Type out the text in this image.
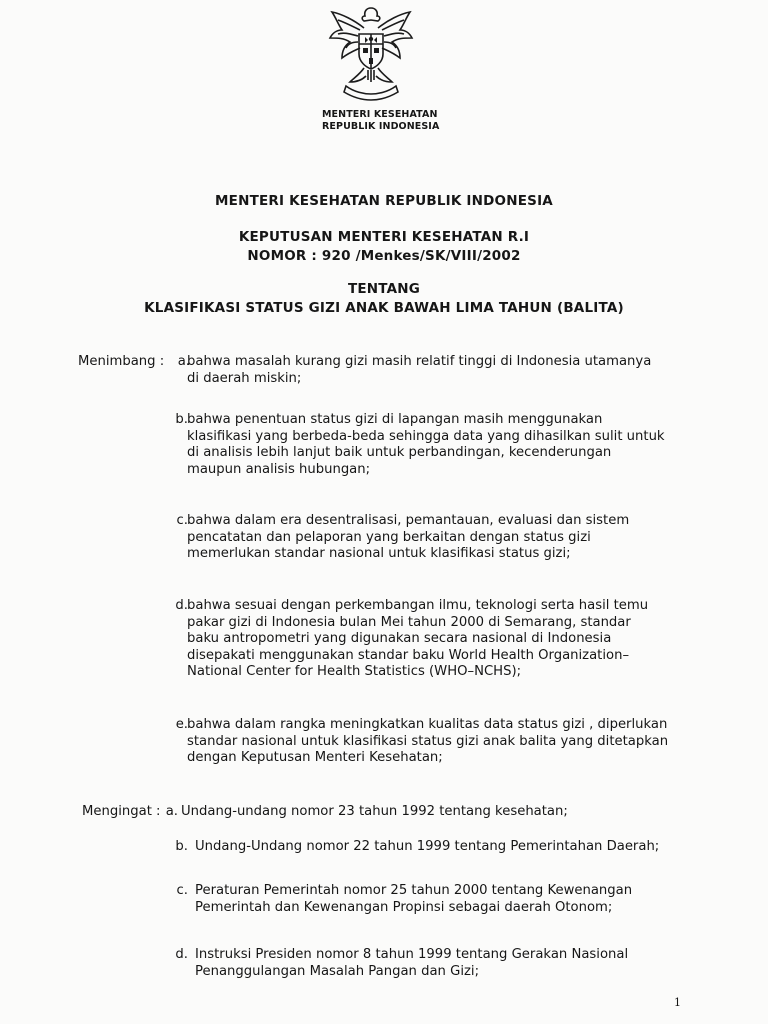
MENTERI KESEHATAN
REPUBLIK INDONESIA
MENTERI KESEHATAN REPUBLIK INDONESIA
KEPUTUSAN MENTERI KESEHATAN R.I
NOMOR : 920 /Menkes/SK/VIII/2002
TENTANG
KLASIFIKASI STATUS GIZI ANAK BAWAH LIMA TAHUN (BALITA)
Menimbang :	a.
bahwa masalah kurang gizi masih relatif tinggi di Indonesia utamanya
di daerah miskin;
b. bahwa penentuan status gizi di lapangan masih menggunakan
klasifikasi yang berbeda-beda sehingga data yang dihasilkan sulit untuk
di analisis lebih lanjut baik untuk perbandingan, kecenderungan
maupun analisis hubungan;
c. bahwa dalam era desentralisasi, pemantauan, evaluasi dan sistem
pencatatan dan pelaporan yang berkaitan dengan status gizi
memerlukan standar nasional untuk klasifikasi status gizi;
d. bahwa sesuai dengan perkembangan ilmu, teknologi serta hasil temu
pakar gizi di Indonesia bulan Mei tahun 2000 di Semarang, standar
baku antropometri yang digunakan secara nasional di Indonesia
disepakati menggunakan standar baku World Health Organization–
National Center for Health Statistics (WHO–NCHS);
e. bahwa dalam rangka meningkatkan kualitas data status gizi , diperlukan
standar nasional untuk klasifikasi status gizi anak balita yang ditetapkan
dengan Keputusan Menteri Kesehatan;
Mengingat : a. Undang-undang nomor 23 tahun 1992 tentang kesehatan;
b. Undang-Undang nomor 22 tahun 1999 tentang Pemerintahan Daerah;
c. Peraturan Pemerintah nomor 25 tahun 2000 tentang Kewenangan
Pemerintah dan Kewenangan Propinsi sebagai daerah Otonom;
d. Instruksi Presiden nomor 8 tahun 1999 tentang Gerakan Nasional
Penanggulangan Masalah Pangan dan Gizi;
1
